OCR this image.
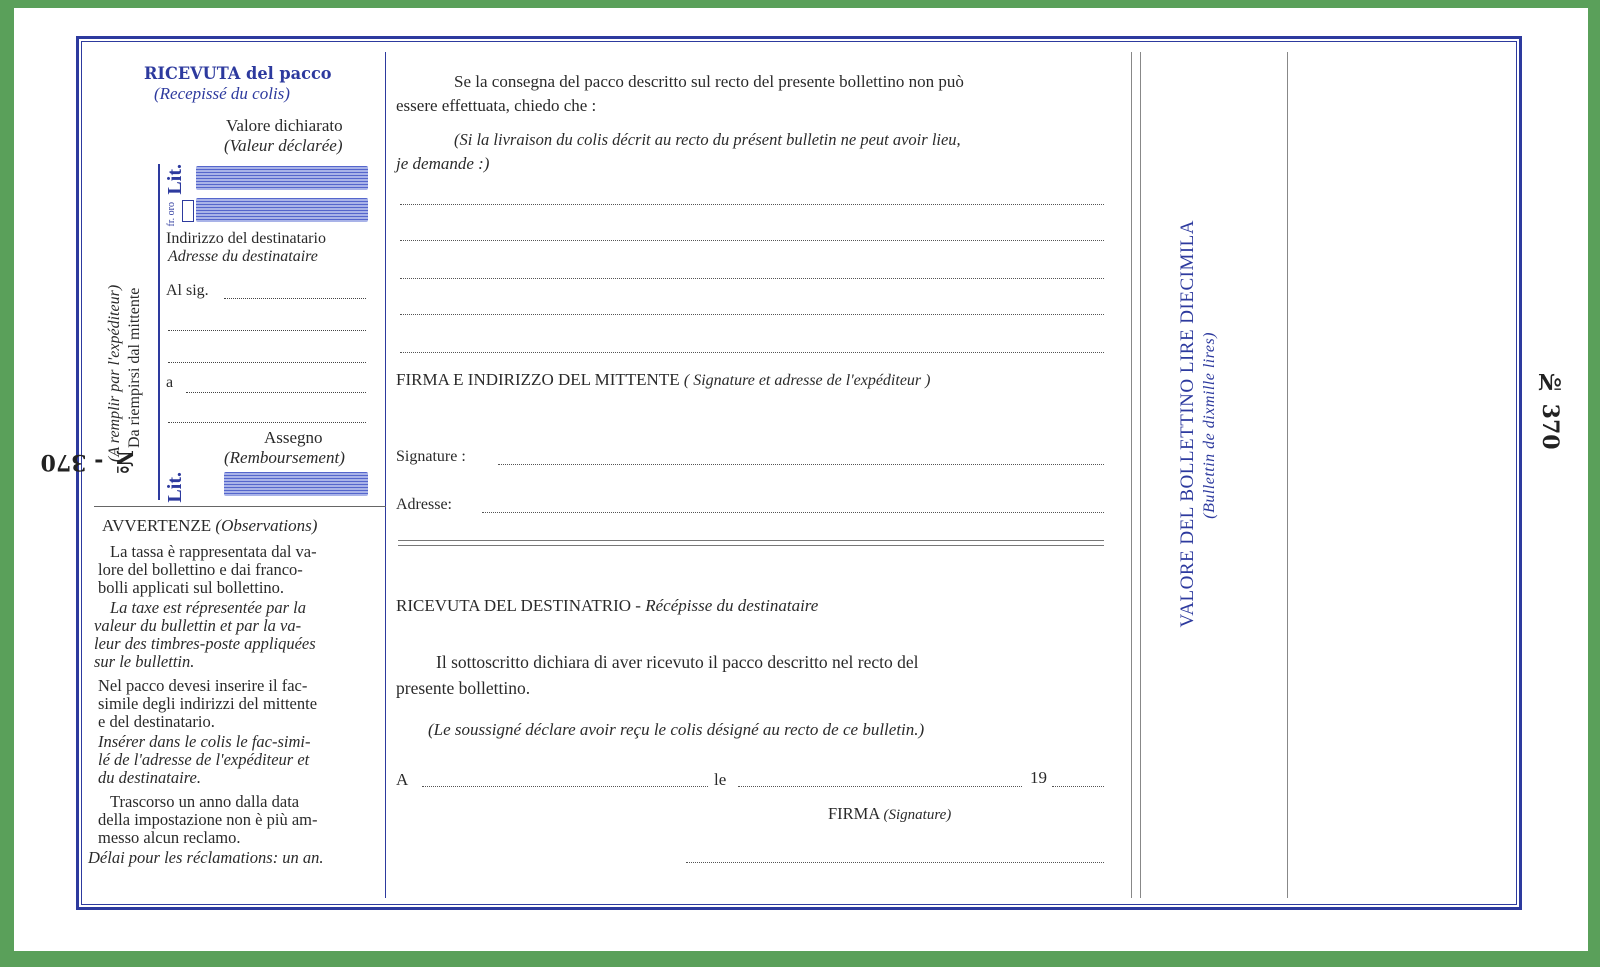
№ - 370
№ 370
RICEVUTA del pacco
(Recepissé du colis)
Valore dichiarato
(Valeur déclarée)
Lit.
fr. oro
Indirizzo del destinatario
Adresse du destinataire
Al sig.
a
Assegno
(Remboursement)
Lit.
(A remplir par l'expéditeur) Da riempirsi dal mittente
AVVERTENZE (Observations)
La tassa è rappresentata dal va-
lore del bollettino e dai franco-
bolli applicati sul bollettino.
La taxe est répresentée par la
valeur du bullettin et par la va-
leur des timbres-poste appliquées
sur le bullettin.
Nel pacco devesi inserire il fac-
simile degli indirizzi del mittente
e del destinatario.
Insérer dans le colis le fac-simi-
lé de l'adresse de l'expéditeur et
du destinataire.
Trascorso un anno dalla data
della impostazione non è più am-
messo alcun reclamo.
Délai pour les réclamations: un an.
Se la consegna del pacco descritto sul recto del presente bollettino non può
essere effettuata, chiedo che :
(Si la livraison du colis décrit au recto du présent bulletin ne peut avoir lieu,
je demande :)
FIRMA E INDIRIZZO DEL MITTENTE ( Signature et adresse de l'expéditeur )
Signature :
Adresse:
RICEVUTA DEL DESTINATRIO - Récépisse du destinataire
Il sottoscritto dichiara di aver ricevuto il pacco descritto nel recto del
presente bollettino.
(Le soussigné déclare avoir reçu le colis désigné au recto de ce bulletin.)
A	le	19
FIRMA (Signature)
VALORE DEL BOLLETTINO LIRE DIECIMILA (Bullettin de dixmille lires)
